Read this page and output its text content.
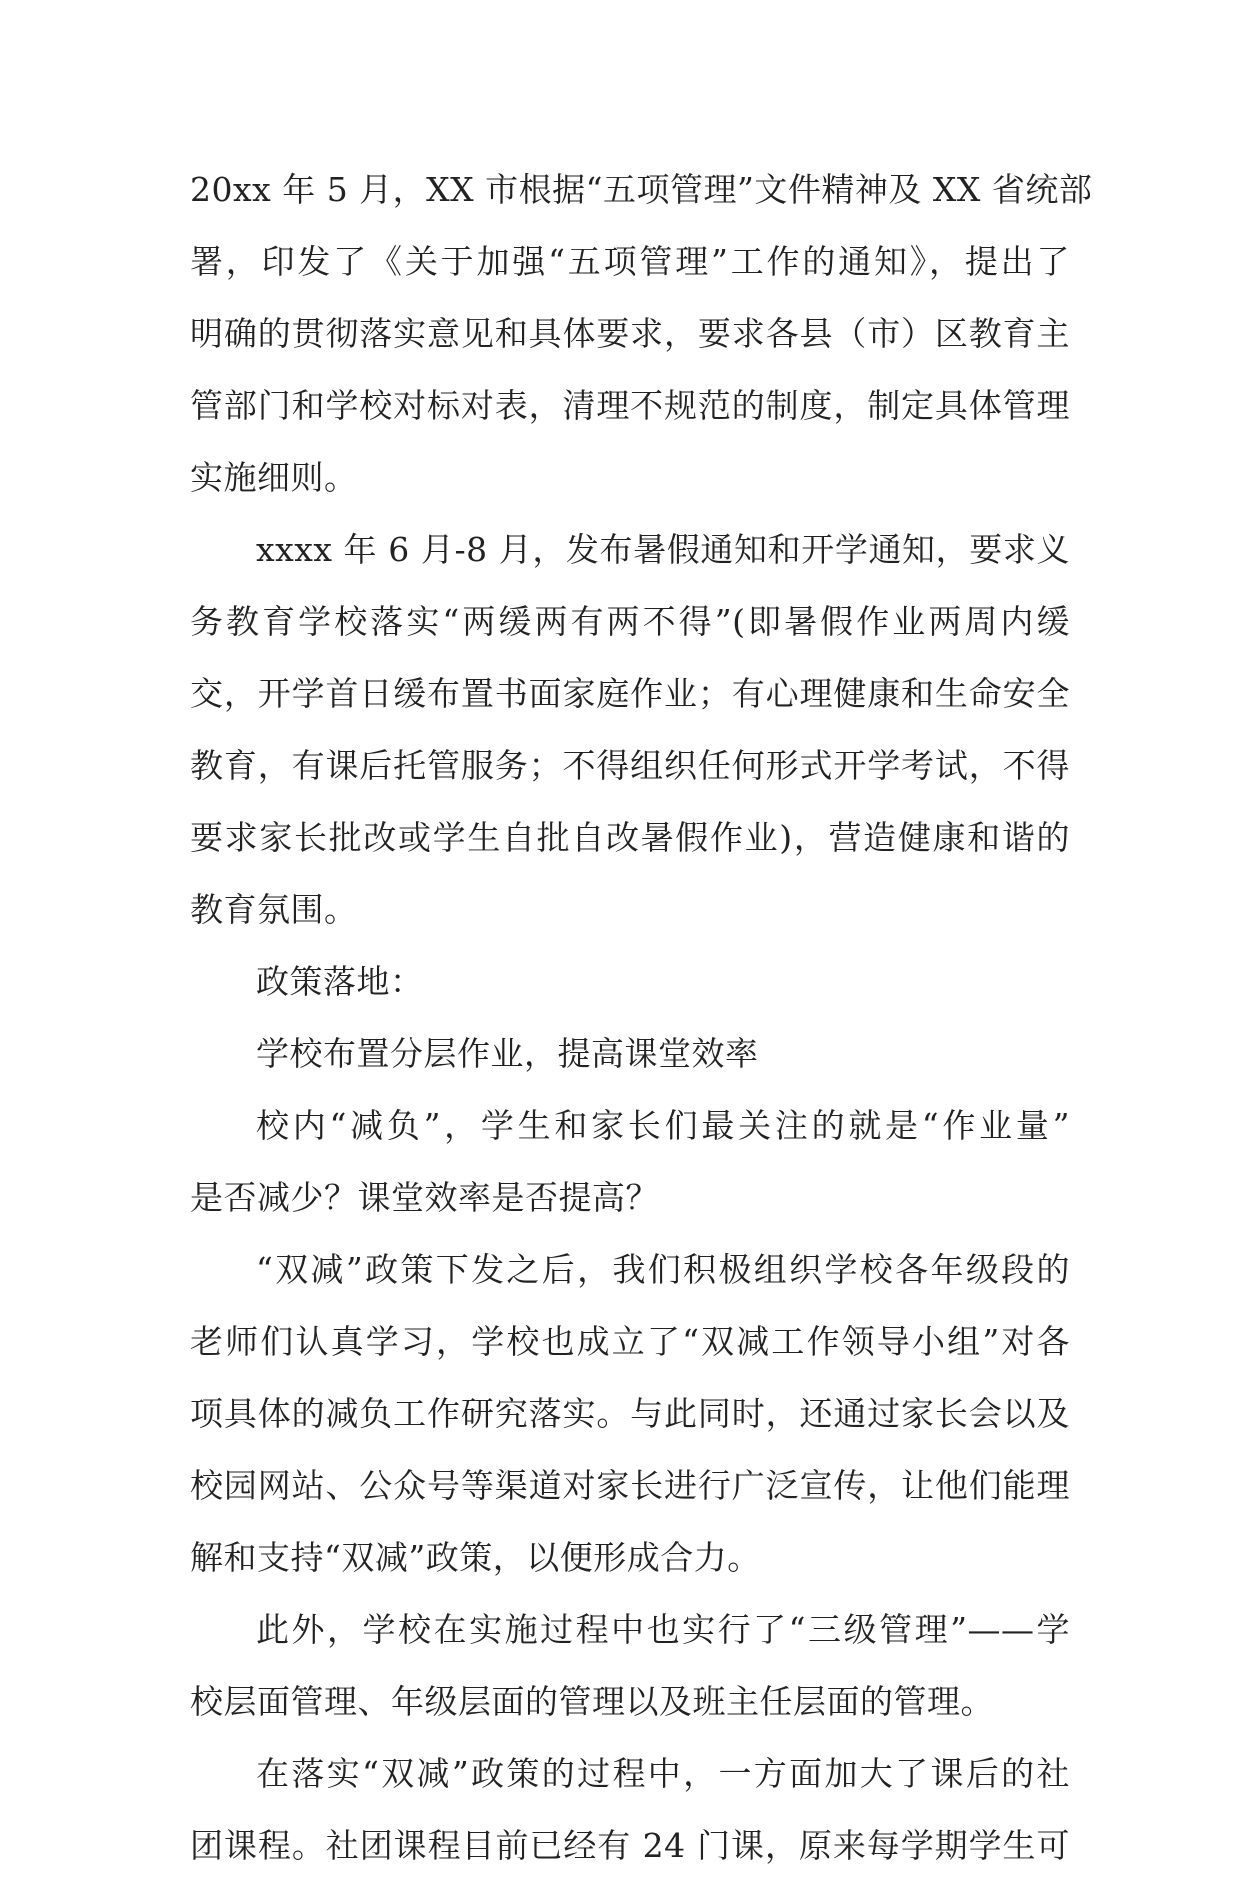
20xx 年 5 月，XX 市根据“五项管理”文件精神及 XX 省统部
署，印发了《关于加强“五项管理”工作的通知》，提出了
明确的贯彻落实意见和具体要求，要求各县（市）区教育主
管部门和学校对标对表，清理不规范的制度，制定具体管理
实施细则。
xxxx 年 6 月-8 月，发布暑假通知和开学通知，要求义
务教育学校落实“两缓两有两不得”(即暑假作业两周内缓
交，开学首日缓布置书面家庭作业；有心理健康和生命安全
教育，有课后托管服务；不得组织任何形式开学考试，不得
要求家长批改或学生自批自改暑假作业)，营造健康和谐的
教育氛围。
政策落地：
学校布置分层作业，提高课堂效率
校内“减负”，学生和家长们最关注的就是“作业量”
是否减少？课堂效率是否提高？
“双减”政策下发之后，我们积极组织学校各年级段的
老师们认真学习，学校也成立了“双减工作领导小组”对各
项具体的减负工作研究落实。与此同时，还通过家长会以及
校园网站、公众号等渠道对家长进行广泛宣传，让他们能理
解和支持“双减”政策，以便形成合力。
此外，学校在实施过程中也实行了“三级管理”——学
校层面管理、年级层面的管理以及班主任层面的管理。
在落实“双减”政策的过程中，一方面加大了课后的社
团课程。社团课程目前已经有 24 门课，原来每学期学生可
